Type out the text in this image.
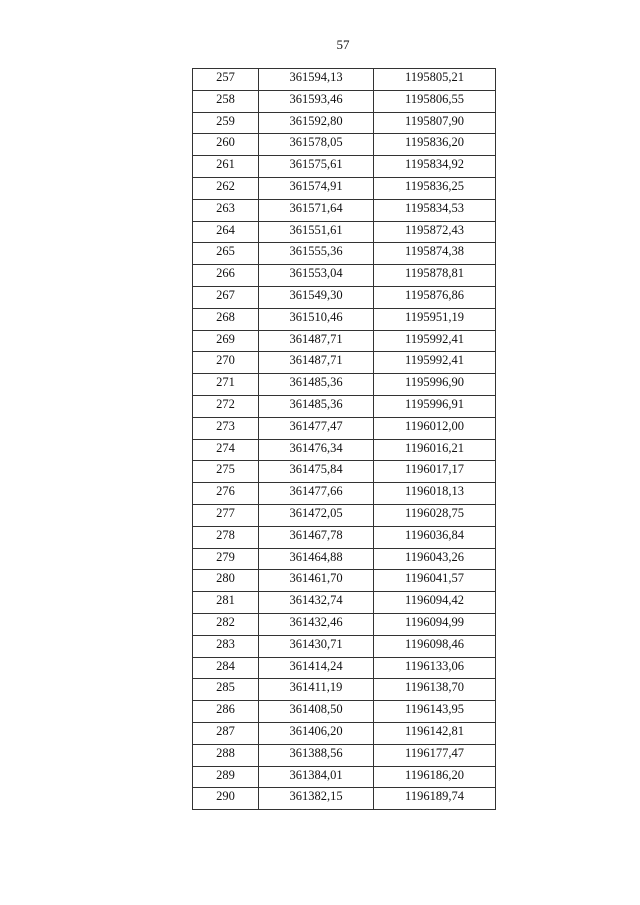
57
257	361594,13	1195805,21
258	361593,46	1195806,55
259	361592,80	1195807,90
260	361578,05	1195836,20
261	361575,61	1195834,92
262	361574,91	1195836,25
263	361571,64	1195834,53
264	361551,61	1195872,43
265	361555,36	1195874,38
266	361553,04	1195878,81
267	361549,30	1195876,86
268	361510,46	1195951,19
269	361487,71	1195992,41
270	361487,71	1195992,41
271	361485,36	1195996,90
272	361485,36	1195996,91
273	361477,47	1196012,00
274	361476,34	1196016,21
275	361475,84	1196017,17
276	361477,66	1196018,13
277	361472,05	1196028,75
278	361467,78	1196036,84
279	361464,88	1196043,26
280	361461,70	1196041,57
281	361432,74	1196094,42
282	361432,46	1196094,99
283	361430,71	1196098,46
284	361414,24	1196133,06
285	361411,19	1196138,70
286	361408,50	1196143,95
287	361406,20	1196142,81
288	361388,56	1196177,47
289	361384,01	1196186,20
290	361382,15	1196189,74
